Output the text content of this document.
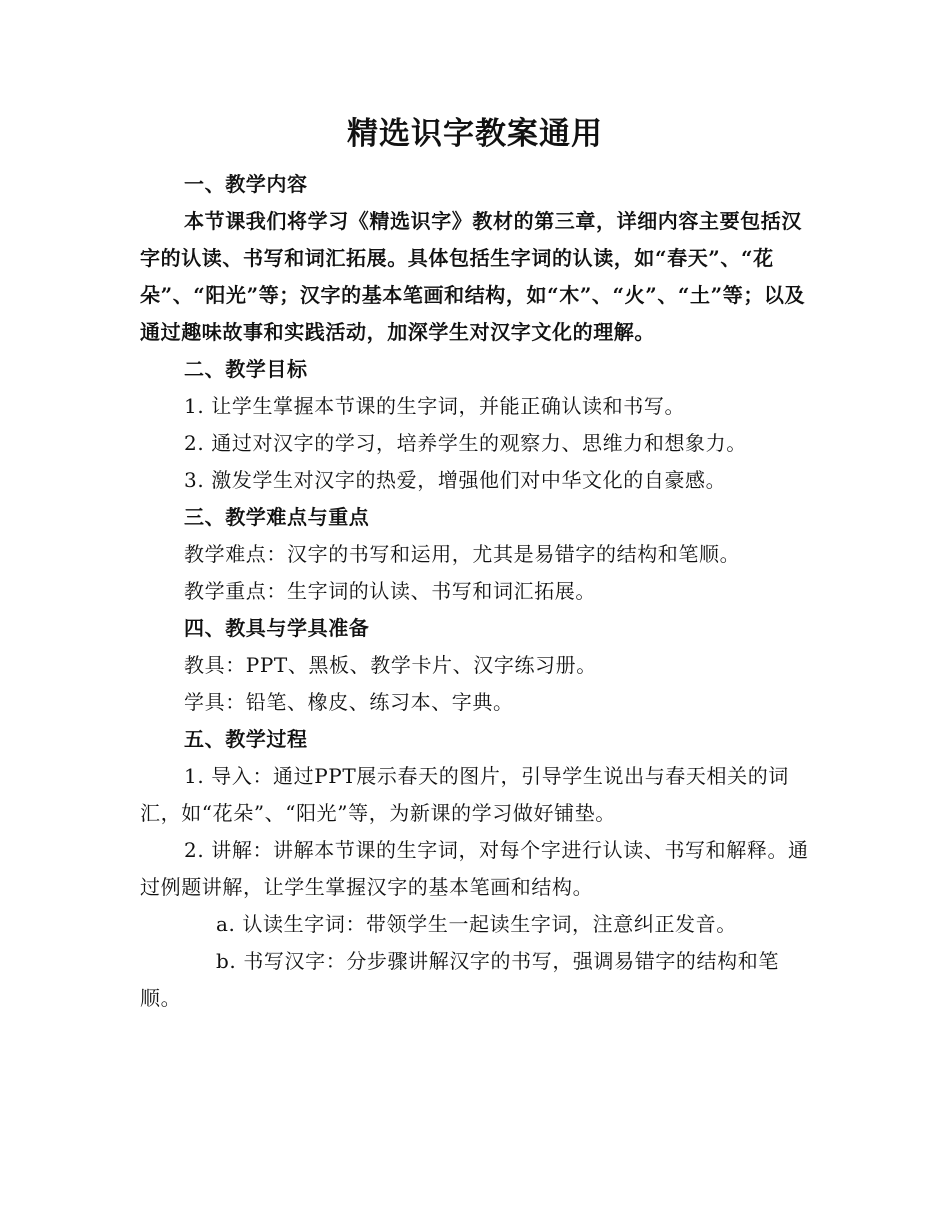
精选识字教案通用

一、教学内容

本节课我们将学习《精选识字》教材的第三章，详细内容主要包括汉字的认读、书写和词汇拓展。具体包括生字词的认读，如“春天”、“花朵”、“阳光”等；汉字的基本笔画和结构，如“木”、“火”、“土”等；以及通过趣味故事和实践活动，加深学生对汉字文化的理解。

二、教学目标

1. 让学生掌握本节课的生字词，并能正确认读和书写。

2. 通过对汉字的学习，培养学生的观察力、思维力和想象力。

3. 激发学生对汉字的热爱，增强他们对中华文化的自豪感。

三、教学难点与重点

教学难点：汉字的书写和运用，尤其是易错字的结构和笔顺。

教学重点：生字词的认读、书写和词汇拓展。

四、教具与学具准备

教具：PPT、黑板、教学卡片、汉字练习册。

学具：铅笔、橡皮、练习本、字典。

五、教学过程

1. 导入：通过PPT展示春天的图片，引导学生说出与春天相关的词汇，如“花朵”、“阳光”等，为新课的学习做好铺垫。

2. 讲解：讲解本节课的生字词，对每个字进行认读、书写和解释。通过例题讲解，让学生掌握汉字的基本笔画和结构。

a. 认读生字词：带领学生一起读生字词，注意纠正发音。

b. 书写汉字：分步骤讲解汉字的书写，强调易错字的结构和笔顺。
